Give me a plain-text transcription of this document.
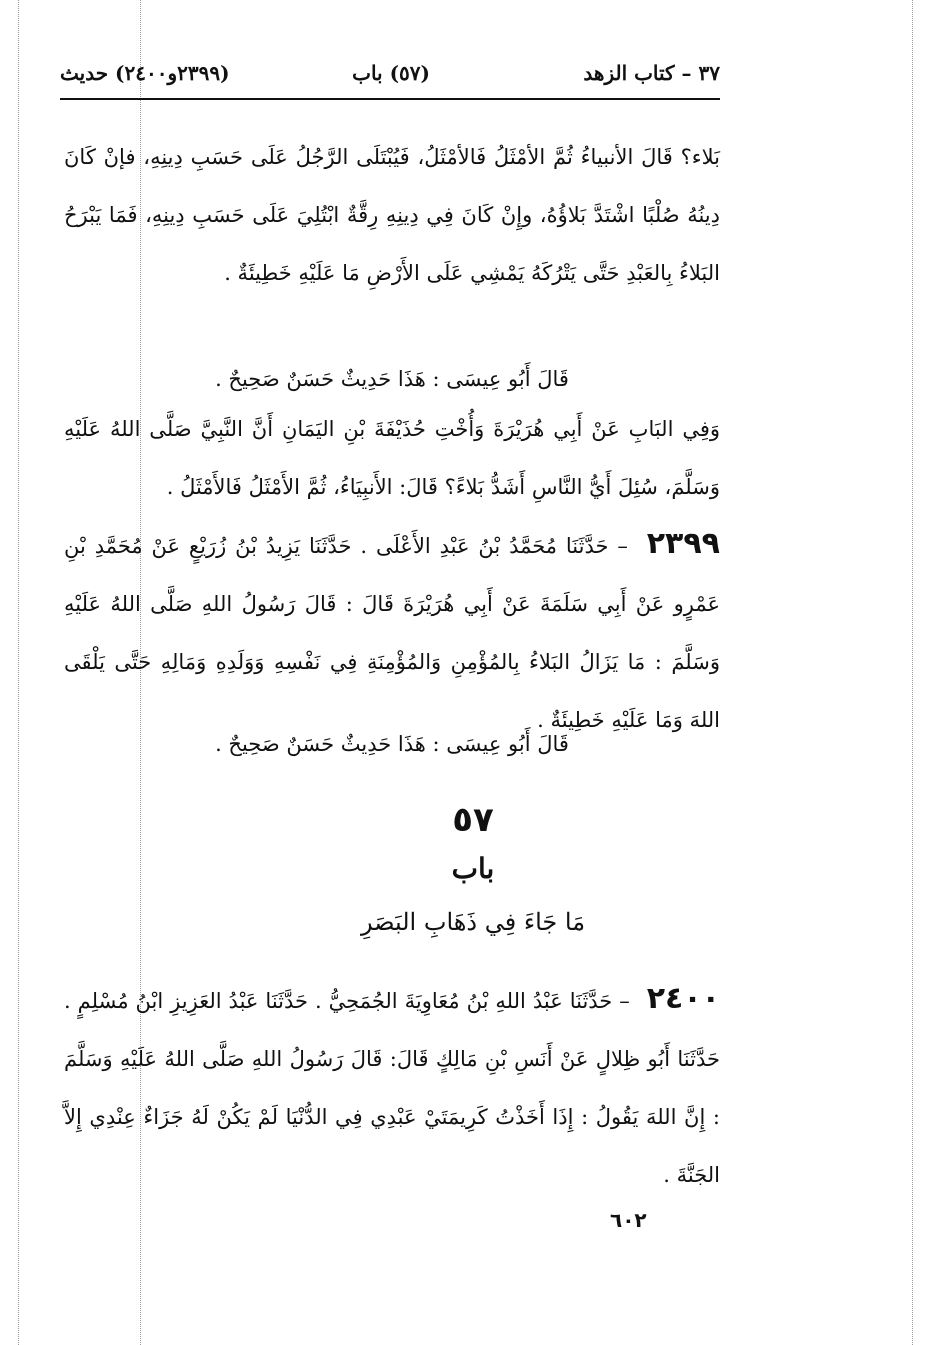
٣٧ – كتاب الزهد
(٥٧) باب
(٢٣٩٩و٢٤٠٠) حديث
بَلاء؟ قَالَ الأنبياءُ ثُمَّ الأمْثَلُ فَالأمْثَلُ، فَيُبْتَلَى الرَّجُلُ عَلَى حَسَبِ دِينِهِ، فإنْ كَانَ دِينُهُ صُلْبًا اشْتَدَّ بَلاؤُهُ، وإِنْ كَانَ فِي دِينِهِ رِقَّةٌ ابْتُلِيَ عَلَى حَسَبِ دِينِهِ، فَمَا يَبْرَحُ البَلاءُ بِالعَبْدِ حَتَّى يَتْرُكَهُ يَمْشِي عَلَى الأَرْضِ مَا عَلَيْهِ خَطِيئَةٌ .
قَالَ أَبُو عِيسَى : هَذَا حَدِيثٌ حَسَنٌ صَحِيحٌ .
وَفِي البَابِ عَنْ أَبِي هُرَيْرَةَ وَأُخْتِ حُذَيْفَةَ بْنِ اليَمَانِ أَنَّ النَّبِيَّ صَلَّى اللهُ عَلَيْهِ وَسَلَّمَ، سُئِلَ أَيُّ النَّاسِ أَشَدُّ بَلاءً؟ قَالَ: الأَنبِيَاءُ، ثُمَّ الأَمْثَلُ فَالأَمْثَلُ .
٢٣٩٩ – حَدَّثَنَا مُحَمَّدُ بْنُ عَبْدِ الأَعْلَى . حَدَّثَنَا يَزِيدُ بْنُ زُرَيْعٍ عَنْ مُحَمَّدِ بْنِ عَمْرٍو عَنْ أَبِي سَلَمَةَ عَنْ أَبِي هُرَيْرَةَ قَالَ : قَالَ رَسُولُ اللهِ صَلَّى اللهُ عَلَيْهِ وَسَلَّمَ : مَا يَزَالُ البَلاءُ بِالمُؤْمِنِ وَالمُؤْمِنَةِ فِي نَفْسِهِ وَوَلَدِهِ وَمَالِهِ حَتَّى يَلْقَى اللهَ وَمَا عَلَيْهِ خَطِيئَةٌ .
قَالَ أَبُو عِيسَى : هَذَا حَدِيثٌ حَسَنٌ صَحِيحٌ .
٥٧
باب
مَا جَاءَ فِي ذَهَابِ البَصَرِ
٢٤٠٠ – حَدَّثَنَا عَبْدُ اللهِ بْنُ مُعَاوِيَةَ الجُمَحِيُّ . حَدَّثَنَا عَبْدُ العَزِيزِ ابْنُ مُسْلِمٍ . حَدَّثَنَا أَبُو ظِلالٍ عَنْ أَنَسِ بْنِ مَالِكٍ قَالَ: قَالَ رَسُولُ اللهِ صَلَّى اللهُ عَلَيْهِ وَسَلَّمَ : إِنَّ اللهَ يَقُولُ : إِذَا أَخَذْتُ كَرِيمَتَيْ عَبْدِي فِي الدُّنْيَا لَمْ يَكُنْ لَهُ جَزَاءٌ عِنْدِي إِلاَّ الجَنَّةَ .
٦٠٢
